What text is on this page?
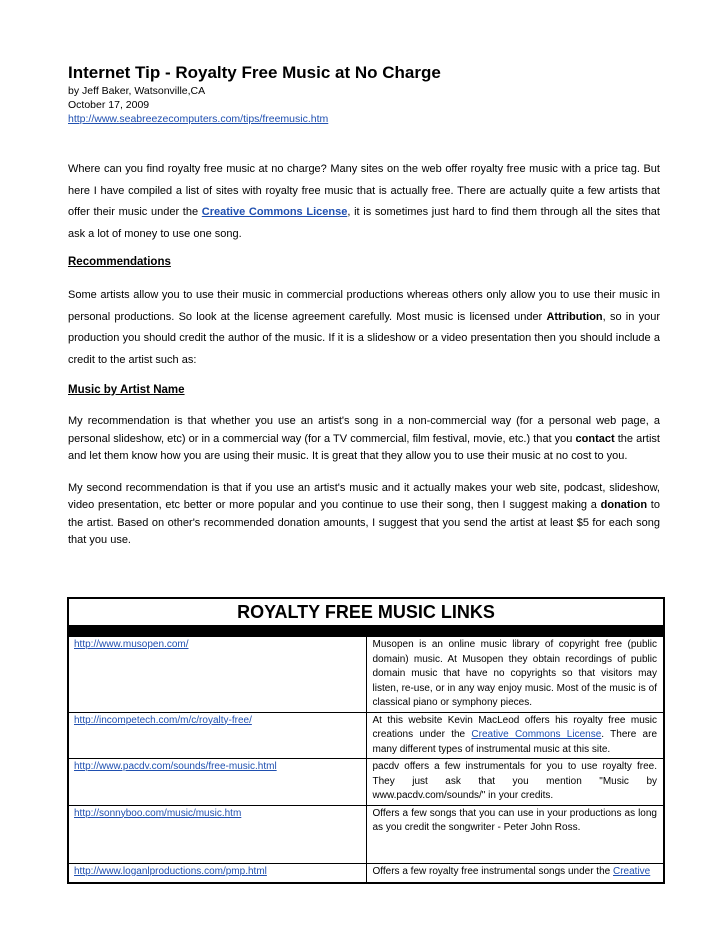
Internet Tip - Royalty Free Music at No Charge

by Jeff Baker, Watsonville,CA

October 17, 2009

http://www.seabreezecomputers.com/tips/freemusic.htm

Where can you find royalty free music at no charge? Many sites on the web offer royalty free music with a price tag. But here I have compiled a list of sites with royalty free music that is actually free. There are actually quite a few artists that offer their music under the Creative Commons License, it is sometimes just hard to find them through all the sites that ask a lot of money to use one song.

Recommendations

Some artists allow you to use their music in commercial productions whereas others only allow you to use their music in personal productions. So look at the license agreement carefully. Most music is licensed under Attribution, so in your production you should credit the author of the music. If it is a slideshow or a video presentation then you should include a credit to the artist such as:

Music by Artist Name

My recommendation is that whether you use an artist's song in a non-commercial way (for a personal web page, a personal slideshow, etc) or in a commercial way (for a TV commercial, film festival, movie, etc.) that you contact the artist and let them know how you are using their music. It is great that they allow you to use their music at no cost to you.

My second recommendation is that if you use an artist's music and it actually makes your web site, podcast, slideshow, video presentation, etc better or more popular and you continue to use their song, then I suggest making a donation to the artist. Based on other's recommended donation amounts, I suggest that you send the artist at least $5 for each song that you use.

ROYALTY FREE MUSIC LINKS	

http://www.musopen.com/	Musopen is an online music library of copyright free (public domain) music. At Musopen they obtain recordings of public domain music that have no copyrights so that visitors may listen, re-use, or in any way enjoy music. Most of the music is of classical piano or symphony pieces.
http://incompetech.com/m/c/royalty-free/	At this website Kevin MacLeod offers his royalty free music creations under the Creative Commons License. There are many different types of instrumental music at this site.
http://www.pacdv.com/sounds/free-music.html	pacdv offers a few instrumentals for you to use royalty free. They just ask that you mention "Music by www.pacdv.com/sounds/" in your credits.
http://sonnyboo.com/music/music.htm	Offers a few songs that you can use in your productions as long as you credit the songwriter - Peter John Ross.
http://www.loganlproductions.com/pmp.html	Offers a few royalty free instrumental songs under the Creative
